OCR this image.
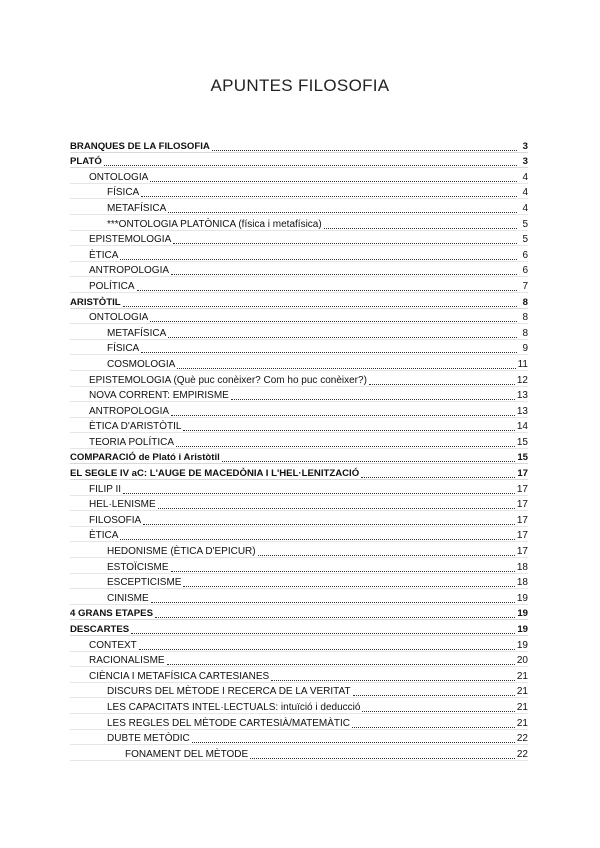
APUNTES FILOSOFIA
BRANQUES DE LA FILOSOFIA	3
PLATÓ	3
ONTOLOGIA	4
FÍSICA	4
METAFÍSICA	4
***ONTOLOGIA PLATÒNICA (física i metafísica)	5
EPISTEMOLOGIA	5
ÈTICA	6
ANTROPOLOGIA	6
POLÍTICA	7
ARISTÒTIL	8
ONTOLOGIA	8
METAFÍSICA	8
FÍSICA	9
COSMOLOGIA	11
EPISTEMOLOGIA (Què puc conèixer? Com ho puc conèixer?)	12
NOVA CORRENT: EMPIRISME	13
ANTROPOLOGIA	13
ÈTICA D'ARISTÒTIL	14
TEORIA POLÍTICA	15
COMPARACIÓ de Plató i Aristòtil	15
EL SEGLE IV aC: L'AUGE DE MACEDÒNIA I L'HEL·LENITZACIÓ	17
FILIP II	17
HEL·LENISME	17
FILOSOFIA	17
ÈTICA	17
HEDONISME (ÈTICA D'EPICUR)	17
ESTOÏCISME	18
ESCEPTICISME	18
CINISME	19
4 GRANS ETAPES	19
DESCARTES	19
CONTEXT	19
RACIONALISME	20
CIÈNCIA I METAFÍSICA CARTESIANES	21
DISCURS DEL MÈTODE I RECERCA DE LA VERITAT	21
LES CAPACITATS INTEL·LECTUALS: intuïció i deducció	21
LES REGLES DEL MÈTODE CARTESIÀ/MATEMÀTIC	21
DUBTE METÒDIC	22
FONAMENT DEL MÈTODE	22
